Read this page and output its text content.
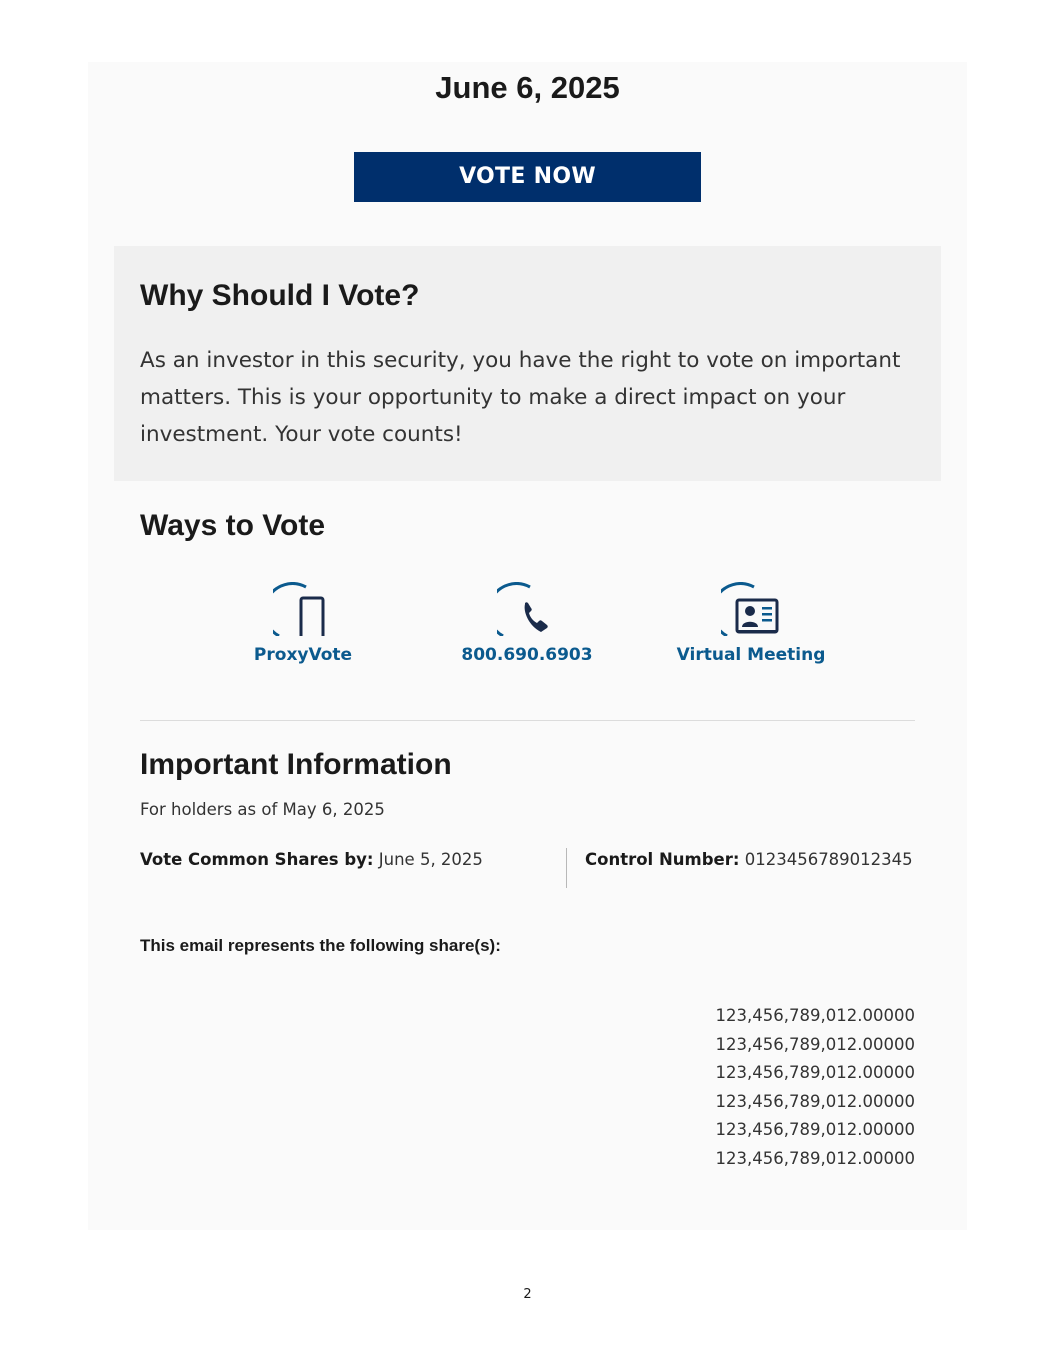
June 6, 2025
VOTE NOW
Why Should I Vote?

As an investor in this security, you have the right to vote on important matters. This is your opportunity to make a direct impact on your investment. Your vote counts!

Ways to Vote
ProxyVote	800.690.6903	Virtual Meeting
Important Information

For holders as of May 6, 2025

Vote Common Shares by: June 5, 2025	Control Number: 0123456789012345

This email represents the following share(s):

123,456,789,012.00000
123,456,789,012.00000
123,456,789,012.00000
123,456,789,012.00000
123,456,789,012.00000
123,456,789,012.00000
2
